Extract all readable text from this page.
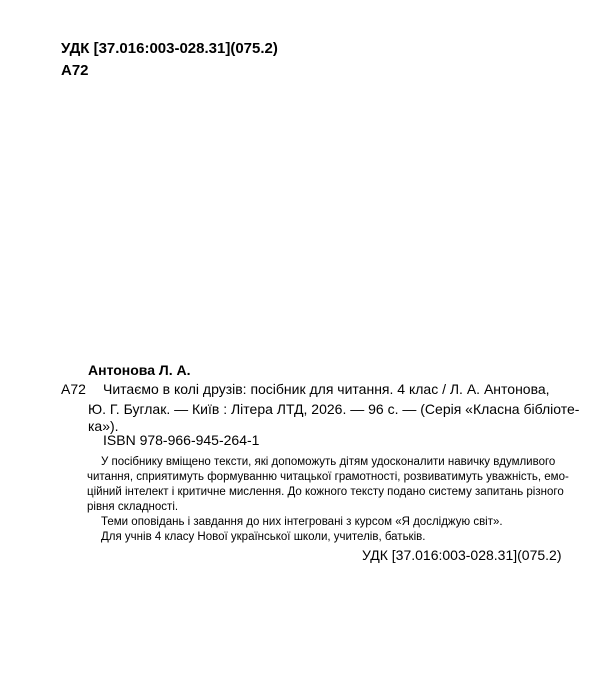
УДК [37.016:003-028.31](075.2)
А72
Антонова Л. А.
А72 Читаємо в колі друзів: посібник для читання. 4 клас / Л. А. Антонова,
Ю. Г. Буглак. — Київ : Літера ЛТД, 2026. — 96 с. — (Серія «Класна бібліоте-
ка»).
ISBN 978-966-945-264-1

У посібнику вміщено тексти, які допоможуть дітям удосконалити навичку вдумливого

читання, сприятимуть формуванню читацької грамотності, розвиватимуть уважність, емо-

ційний інтелект і критичне мислення. До кожного тексту подано систему запитань різного

рівня складності.

Теми оповідань і завдання до них інтегровані з курсом «Я досліджую світ».

Для учнів 4 класу Нової української школи, учителів, батьків.

УДК [37.016:003-028.31](075.2)
